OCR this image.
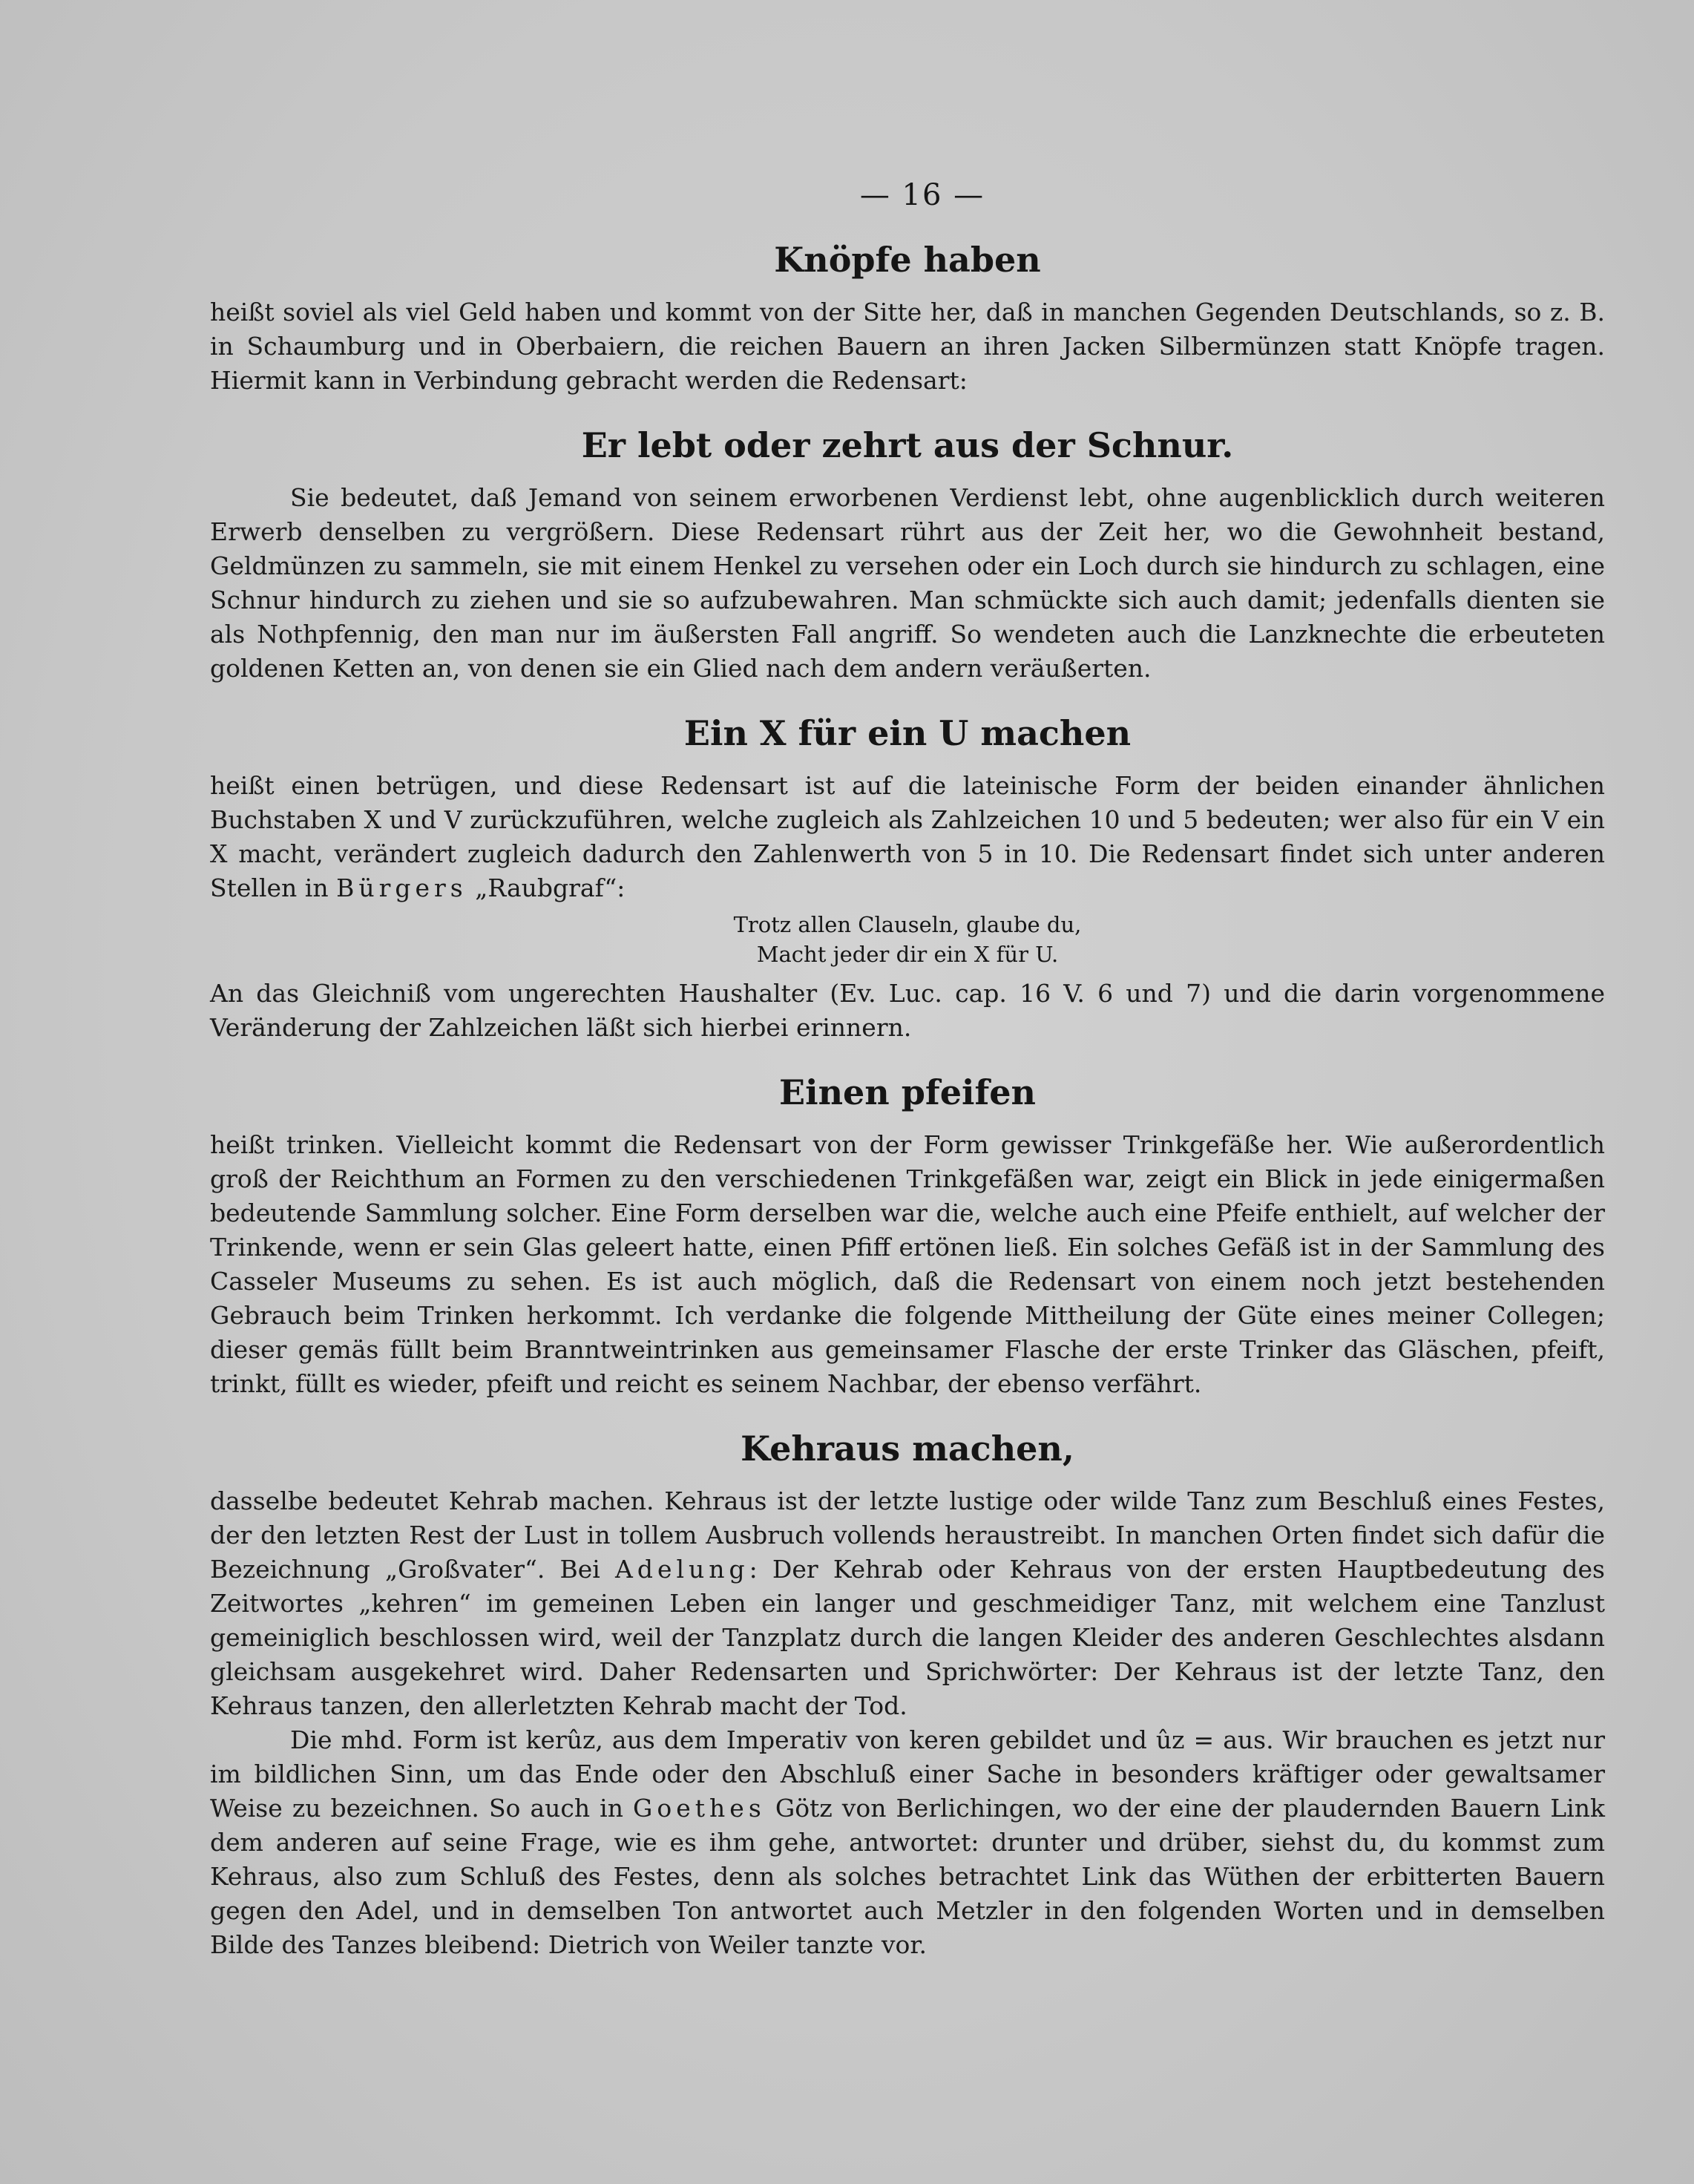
— 16 —
Knöpfe haben

heißt soviel als viel Geld haben und kommt von der Sitte her, daß in manchen Gegenden Deutschlands, so z. B. in Schaumburg und in Oberbaiern, die reichen Bauern an ihren Jacken Silbermünzen statt Knöpfe tragen. Hiermit kann in Verbindung gebracht werden die Redensart:

Er lebt oder zehrt aus der Schnur.

Sie bedeutet, daß Jemand von seinem erworbenen Verdienst lebt, ohne augenblicklich durch weiteren Erwerb denselben zu vergrößern. Diese Redensart rührt aus der Zeit her, wo die Gewohnheit bestand, Geldmünzen zu sammeln, sie mit einem Henkel zu versehen oder ein Loch durch sie hindurch zu schlagen, eine Schnur hindurch zu ziehen und sie so aufzubewahren. Man schmückte sich auch damit; jedenfalls dienten sie als Nothpfennig, den man nur im äußersten Fall angriff. So wendeten auch die Lanzknechte die erbeuteten goldenen Ketten an, von denen sie ein Glied nach dem andern veräußerten.

Ein X für ein U machen

heißt einen betrügen, und diese Redensart ist auf die lateinische Form der beiden einander ähnlichen Buchstaben X und V zurückzuführen, welche zugleich als Zahlzeichen 10 und 5 bedeuten; wer also für ein V ein X macht, verändert zugleich dadurch den Zahlenwerth von 5 in 10. Die Redensart findet sich unter anderen Stellen in Bürgers „Raubgraf“:

Trotz allen Clauseln, glaube du,
Macht jeder dir ein X für U.

An das Gleichniß vom ungerechten Haushalter (Ev. Luc. cap. 16 V. 6 und 7) und die darin vorgenommene Veränderung der Zahlzeichen läßt sich hierbei erinnern.

Einen pfeifen

heißt trinken. Vielleicht kommt die Redensart von der Form gewisser Trinkgefäße her. Wie außerordentlich groß der Reichthum an Formen zu den verschiedenen Trinkgefäßen war, zeigt ein Blick in jede einigermaßen bedeutende Sammlung solcher. Eine Form derselben war die, welche auch eine Pfeife enthielt, auf welcher der Trinkende, wenn er sein Glas geleert hatte, einen Pfiff ertönen ließ. Ein solches Gefäß ist in der Sammlung des Casseler Museums zu sehen. Es ist auch möglich, daß die Redensart von einem noch jetzt bestehenden Gebrauch beim Trinken herkommt. Ich verdanke die folgende Mittheilung der Güte eines meiner Collegen; dieser gemäs füllt beim Branntweintrinken aus gemeinsamer Flasche der erste Trinker das Gläschen, pfeift, trinkt, füllt es wieder, pfeift und reicht es seinem Nachbar, der ebenso verfährt.

Kehraus machen,

dasselbe bedeutet Kehrab machen. Kehraus ist der letzte lustige oder wilde Tanz zum Beschluß eines Festes, der den letzten Rest der Lust in tollem Ausbruch vollends heraustreibt. In manchen Orten findet sich dafür die Bezeichnung „Großvater“. Bei Adelung: Der Kehrab oder Kehraus von der ersten Hauptbedeutung des Zeitwortes „kehren“ im gemeinen Leben ein langer und geschmeidiger Tanz, mit welchem eine Tanzlust gemeiniglich beschlossen wird, weil der Tanzplatz durch die langen Kleider des anderen Geschlechtes alsdann gleichsam ausgekehret wird. Daher Redensarten und Sprichwörter: Der Kehraus ist der letzte Tanz, den Kehraus tanzen, den allerletzten Kehrab macht der Tod.

Die mhd. Form ist kerûz, aus dem Imperativ von keren gebildet und ûz = aus. Wir brauchen es jetzt nur im bildlichen Sinn, um das Ende oder den Abschluß einer Sache in besonders kräftiger oder gewaltsamer Weise zu bezeichnen. So auch in Goethes Götz von Berlichingen, wo der eine der plaudernden Bauern Link dem anderen auf seine Frage, wie es ihm gehe, antwortet: drunter und drüber, siehst du, du kommst zum Kehraus, also zum Schluß des Festes, denn als solches betrachtet Link das Wüthen der erbitterten Bauern gegen den Adel, und in demselben Ton antwortet auch Metzler in den folgenden Worten und in demselben Bilde des Tanzes bleibend: Dietrich von Weiler tanzte vor.
